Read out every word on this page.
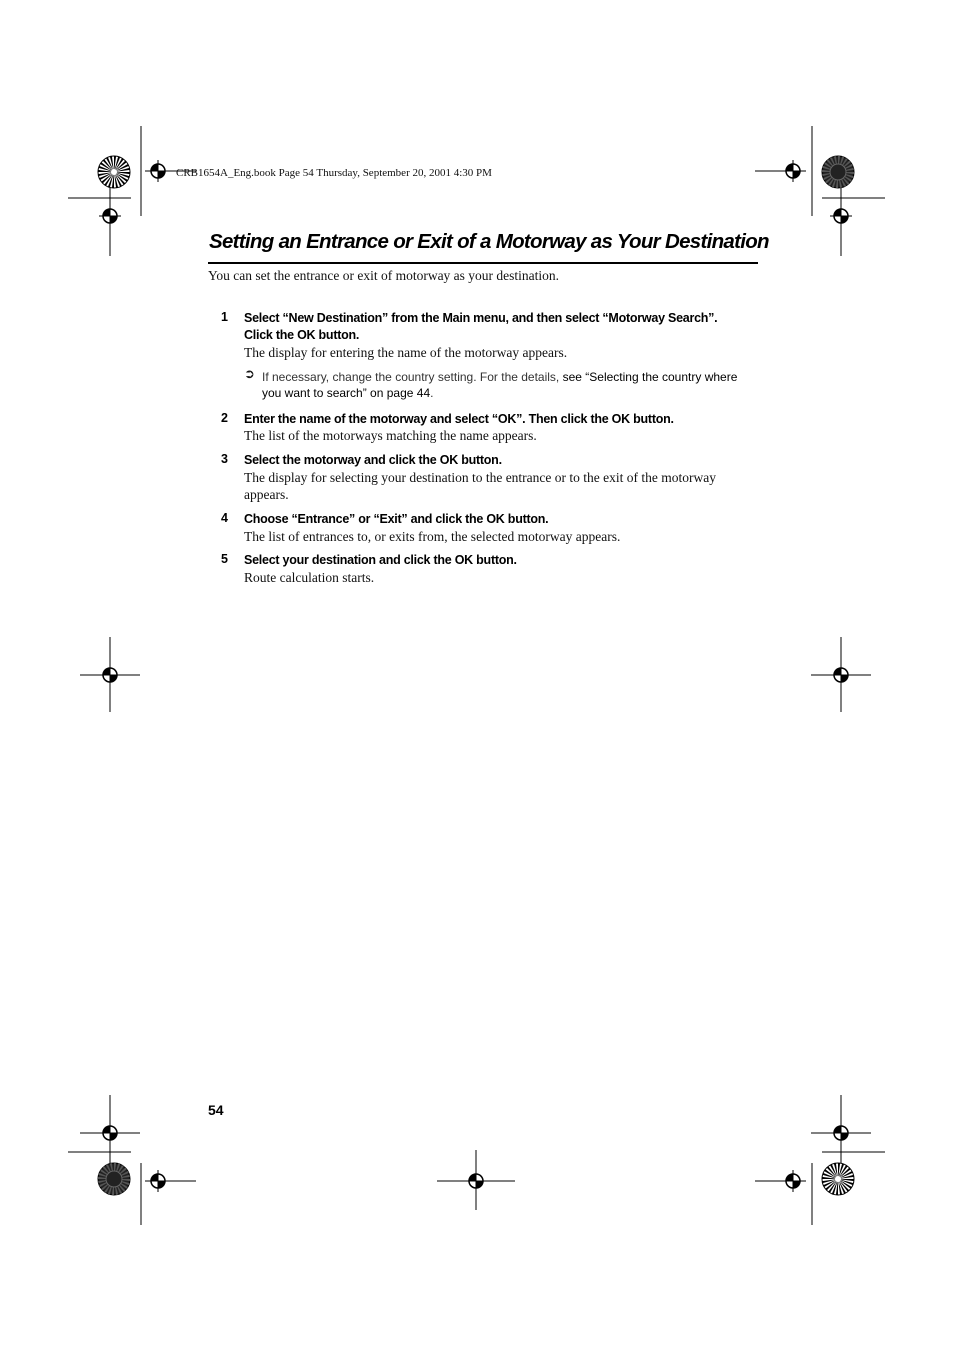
CRB1654A_Eng.book Page 54 Thursday, September 20, 2001 4:30 PM
Setting an Entrance or Exit of a Motorway as Your Destination
You can set the entrance or exit of motorway as your destination.
1 Select “New Destination” from the Main menu, and then select “Motorway Search”.
Click the OK button.
The display for entering the name of the motorway appears.
➲ If necessary, change the country setting. For the details, see “Selecting the country where you want to search” on page 44.
2 Enter the name of the motorway and select “OK”. Then click the OK button.
The list of the motorways matching the name appears.
3 Select the motorway and click the OK button.
The display for selecting your destination to the entrance or to the exit of the motorway appears.
4 Choose “Entrance” or “Exit” and click the OK button.
The list of entrances to, or exits from, the selected motorway appears.
5 Select your destination and click the OK button.
Route calculation starts.
54
